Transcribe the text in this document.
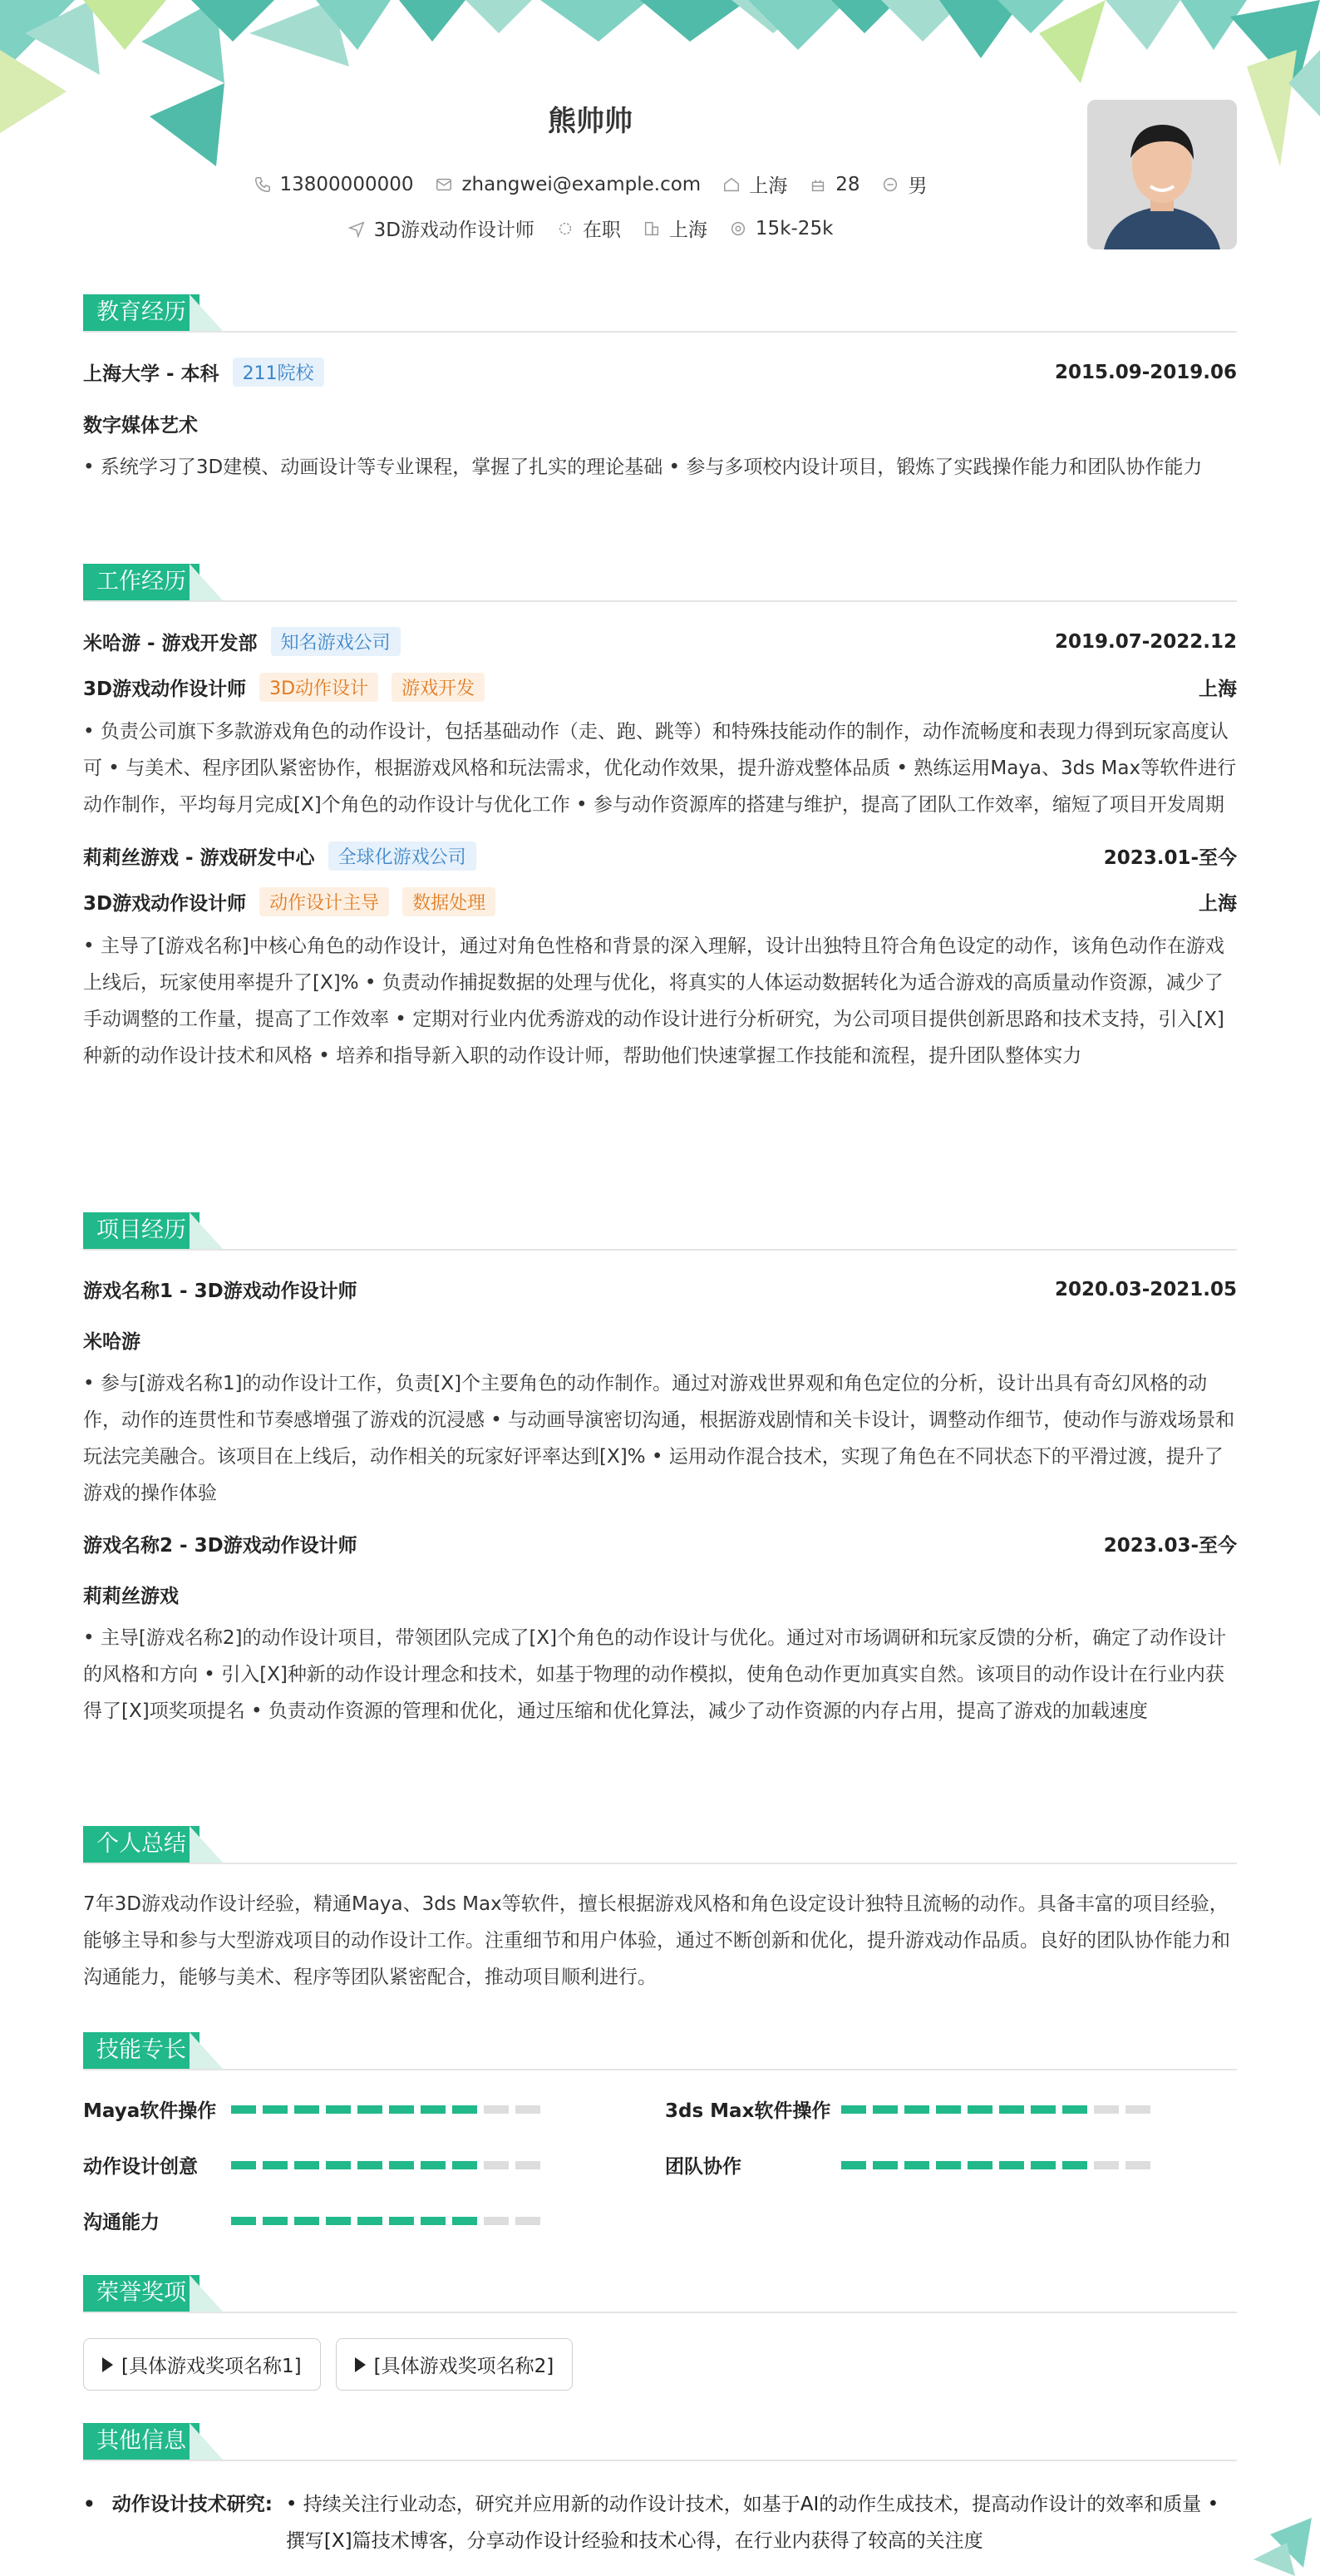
熊帅帅
13800000000	zhangwei@example.com	上海	28	男
3D游戏动作设计师	在职	上海	15k-25k
教育经历
上海大学 - 本科	211院校	2015.09-2019.06
数字媒体艺术
• 系统学习了3D建模、动画设计等专业课程，掌握了扎实的理论基础 • 参与多项校内设计项目，锻炼了实践操作能力和团队协作能力
工作经历
米哈游 - 游戏开发部	知名游戏公司	2019.07-2022.12
3D游戏动作设计师	3D动作设计	游戏开发	上海
• 负责公司旗下多款游戏角色的动作设计，包括基础动作（走、跑、跳等）和特殊技能动作的制作，动作流畅度和表现力得到玩家高度认可 • 与美术、程序团队紧密协作，根据游戏风格和玩法需求，优化动作效果，提升游戏整体品质 • 熟练运用Maya、3ds Max等软件进行动作制作，平均每月完成[X]个角色的动作设计与优化工作 • 参与动作资源库的搭建与维护，提高了团队工作效率，缩短了项目开发周期
莉莉丝游戏 - 游戏研发中心	全球化游戏公司	2023.01-至今
3D游戏动作设计师	动作设计主导	数据处理	上海
• 主导了[游戏名称]中核心角色的动作设计，通过对角色性格和背景的深入理解，设计出独特且符合角色设定的动作，该角色动作在游戏上线后，玩家使用率提升了[X]% • 负责动作捕捉数据的处理与优化，将真实的人体运动数据转化为适合游戏的高质量动作资源，减少了手动调整的工作量，提高了工作效率 • 定期对行业内优秀游戏的动作设计进行分析研究，为公司项目提供创新思路和技术支持，引入[X]种新的动作设计技术和风格 • 培养和指导新入职的动作设计师，帮助他们快速掌握工作技能和流程，提升团队整体实力
项目经历
游戏名称1 - 3D游戏动作设计师	2020.03-2021.05
米哈游
• 参与[游戏名称1]的动作设计工作，负责[X]个主要角色的动作制作。通过对游戏世界观和角色定位的分析，设计出具有奇幻风格的动作，动作的连贯性和节奏感增强了游戏的沉浸感 • 与动画导演密切沟通，根据游戏剧情和关卡设计，调整动作细节，使动作与游戏场景和玩法完美融合。该项目在上线后，动作相关的玩家好评率达到[X]% • 运用动作混合技术，实现了角色在不同状态下的平滑过渡，提升了游戏的操作体验
游戏名称2 - 3D游戏动作设计师	2023.03-至今
莉莉丝游戏
• 主导[游戏名称2]的动作设计项目，带领团队完成了[X]个角色的动作设计与优化。通过对市场调研和玩家反馈的分析，确定了动作设计的风格和方向 • 引入[X]种新的动作设计理念和技术，如基于物理的动作模拟，使角色动作更加真实自然。该项目的动作设计在行业内获得了[X]项奖项提名 • 负责动作资源的管理和优化，通过压缩和优化算法，减少了动作资源的内存占用，提高了游戏的加载速度
个人总结
7年3D游戏动作设计经验，精通Maya、3ds Max等软件，擅长根据游戏风格和角色设定设计独特且流畅的动作。具备丰富的项目经验，能够主导和参与大型游戏项目的动作设计工作。注重细节和用户体验，通过不断创新和优化，提升游戏动作品质。良好的团队协作能力和沟通能力，能够与美术、程序等团队紧密配合，推动项目顺利进行。
技能专长
Maya软件操作	3ds Max软件操作
动作设计创意	团队协作
沟通能力
荣誉奖项
[具体游戏奖项名称1]	[具体游戏奖项名称2]
其他信息
• 动作设计技术研究: • 持续关注行业动态，研究并应用新的动作设计技术，如基于AI的动作生成技术，提高动作设计的效率和质量 • 撰写[X]篇技术博客，分享动作设计经验和技术心得，在行业内获得了较高的关注度
